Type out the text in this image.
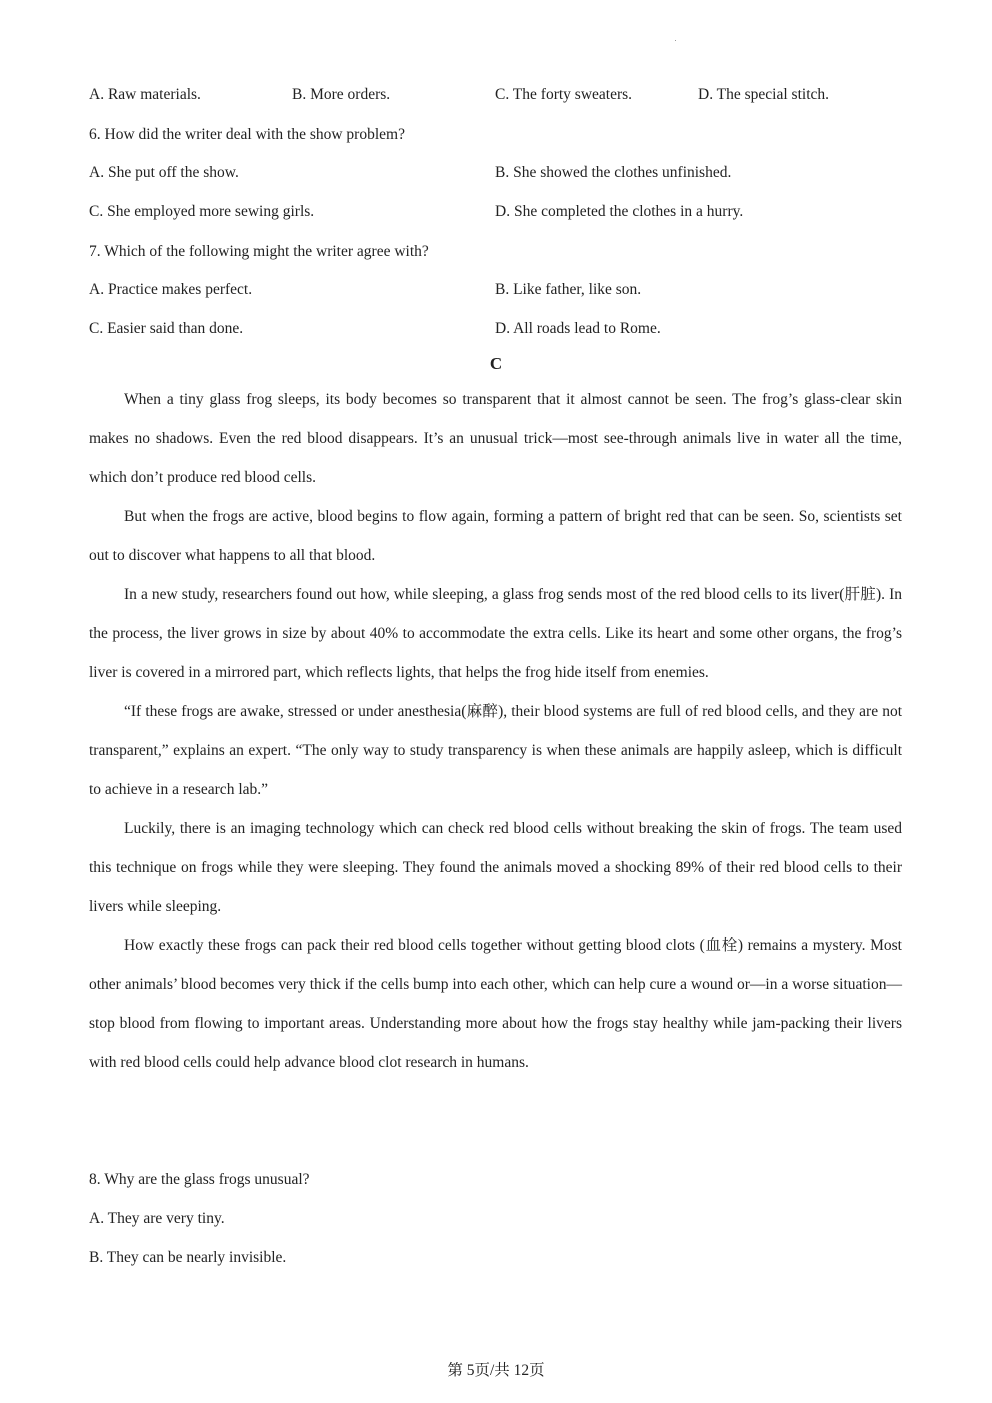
A. Raw materials.	B. More orders.	C. The forty sweaters.	D. The special stitch.
6. How did the writer deal with the show problem?
A. She put off the show.	B. She showed the clothes unfinished.
C. She employed more sewing girls.	D. She completed the clothes in a hurry.
7. Which of the following might the writer agree with?
A. Practice makes perfect.	B. Like father, like son.
C. Easier said than done.	D. All roads lead to Rome.
C

When a tiny glass frog sleeps, its body becomes so transparent that it almost cannot be seen. The frog’s glass-clear skin makes no shadows. Even the red blood disappears. It’s an unusual trick—most see-through animals live in water all the time, which don’t produce red blood cells.

But when the frogs are active, blood begins to flow again, forming a pattern of bright red that can be seen. So, scientists set out to discover what happens to all that blood.

In a new study, researchers found out how, while sleeping, a glass frog sends most of the red blood cells to its liver(肝脏). In the process, the liver grows in size by about 40% to accommodate the extra cells. Like its heart and some other organs, the frog’s liver is covered in a mirrored part, which reflects lights, that helps the frog hide itself from enemies.

“If these frogs are awake, stressed or under anesthesia(麻醉), their blood systems are full of red blood cells, and they are not transparent,” explains an expert. “The only way to study transparency is when these animals are happily asleep, which is difficult to achieve in a research lab.”

Luckily, there is an imaging technology which can check red blood cells without breaking the skin of frogs. The team used this technique on frogs while they were sleeping. They found the animals moved a shocking 89% of their red blood cells to their livers while sleeping.

How exactly these frogs can pack their red blood cells together without getting blood clots (血栓) remains a mystery. Most other animals’ blood becomes very thick if the cells bump into each other, which can help cure a wound or—in a worse situation—stop blood from flowing to important areas. Understanding more about how the frogs stay healthy while jam-packing their livers with red blood cells could help advance blood clot research in humans.

8. Why are the glass frogs unusual?
A. They are very tiny.
B. They can be nearly invisible.
第 5页/共 12页
